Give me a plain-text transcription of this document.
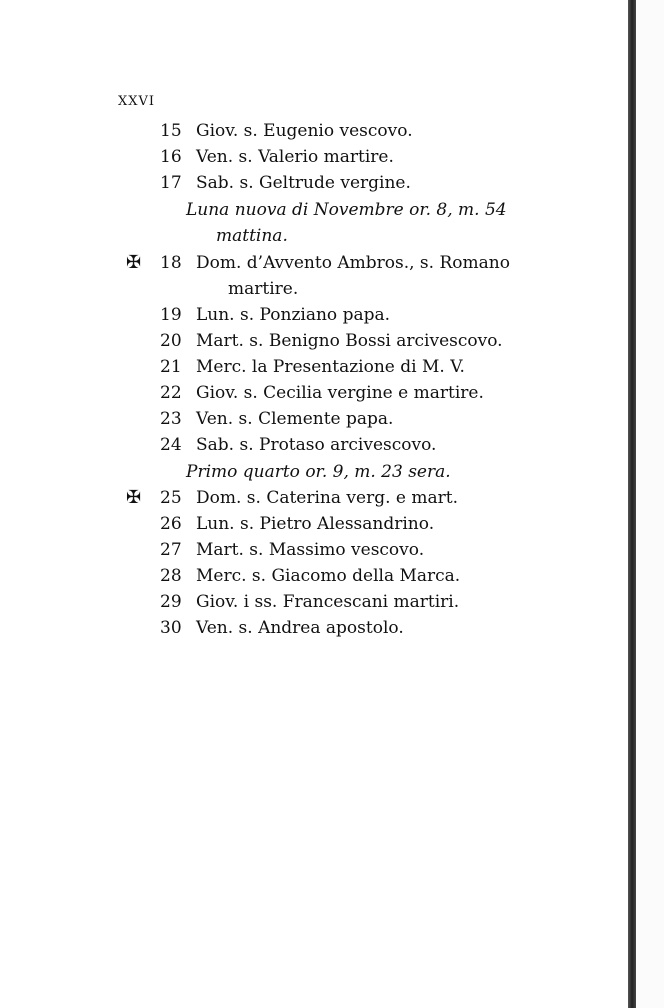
XXVI
15 Giov. s. Eugenio vescovo.
16 Ven. s. Valerio martire.
17 Sab. s. Geltrude vergine.
Luna nuova di Novembre or. 8, m. 54
mattina.
✠ 18 Dom. d’Avvento Ambros., s. Romano
martire.
19 Lun. s. Ponziano papa.
20 Mart. s. Benigno Bossi arcivescovo.
21 Merc. la Presentazione di M. V.
22 Giov. s. Cecilia vergine e martire.
23 Ven. s. Clemente papa.
24 Sab. s. Protaso arcivescovo.
Primo quarto or. 9, m. 23 sera.
✠ 25 Dom. s. Caterina verg. e mart.
26 Lun. s. Pietro Alessandrino.
27 Mart. s. Massimo vescovo.
28 Merc. s. Giacomo della Marca.
29 Giov. i ss. Francescani martiri.
30 Ven. s. Andrea apostolo.
